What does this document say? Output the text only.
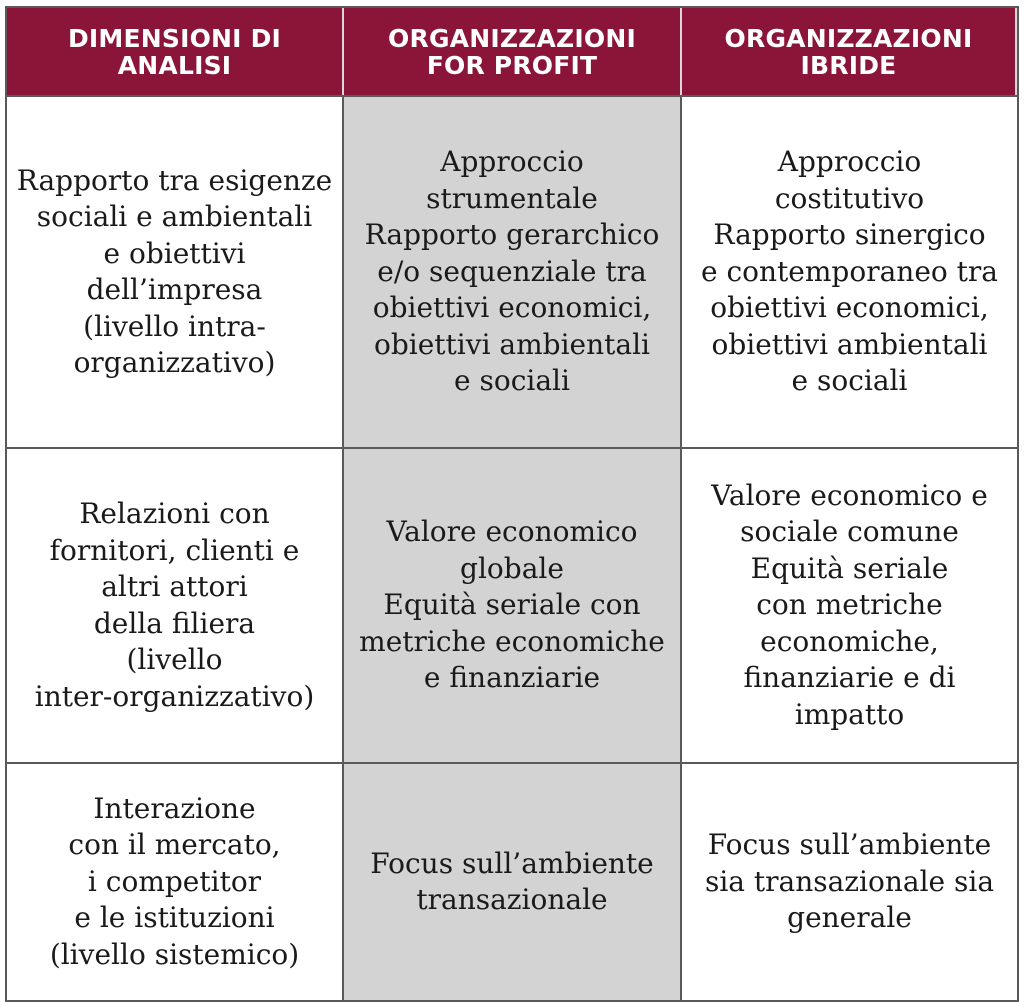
DIMENSIONI DI ANALISI
ORGANIZZAZIONI
FOR PROFIT
ORGANIZZAZIONI IBRIDE
Rapporto tra esigenze
sociali e ambientali
e obiettivi
dell’impresa
(livello intra-
organizzativo)
Approccio
strumentale
Rapporto gerarchico
e/o sequenziale tra
obiettivi economici,
obiettivi ambientali
e sociali
Approccio
costitutivo
Rapporto sinergico
e contemporaneo tra
obiettivi economici,
obiettivi ambientali
e sociali
Relazioni con
fornitori, clienti e
altri attori
della filiera
(livello
inter-organizzativo)
Valore economico
globale
Equità seriale con
metriche economiche
e finanziarie
Valore economico e
sociale comune
Equità seriale
con metriche
economiche,
finanziarie e di
impatto
Interazione
con il mercato,
i competitor
e le istituzioni
(livello sistemico)
Focus sull’ambiente
transazionale
Focus sull’ambiente
sia transazionale sia
generale
